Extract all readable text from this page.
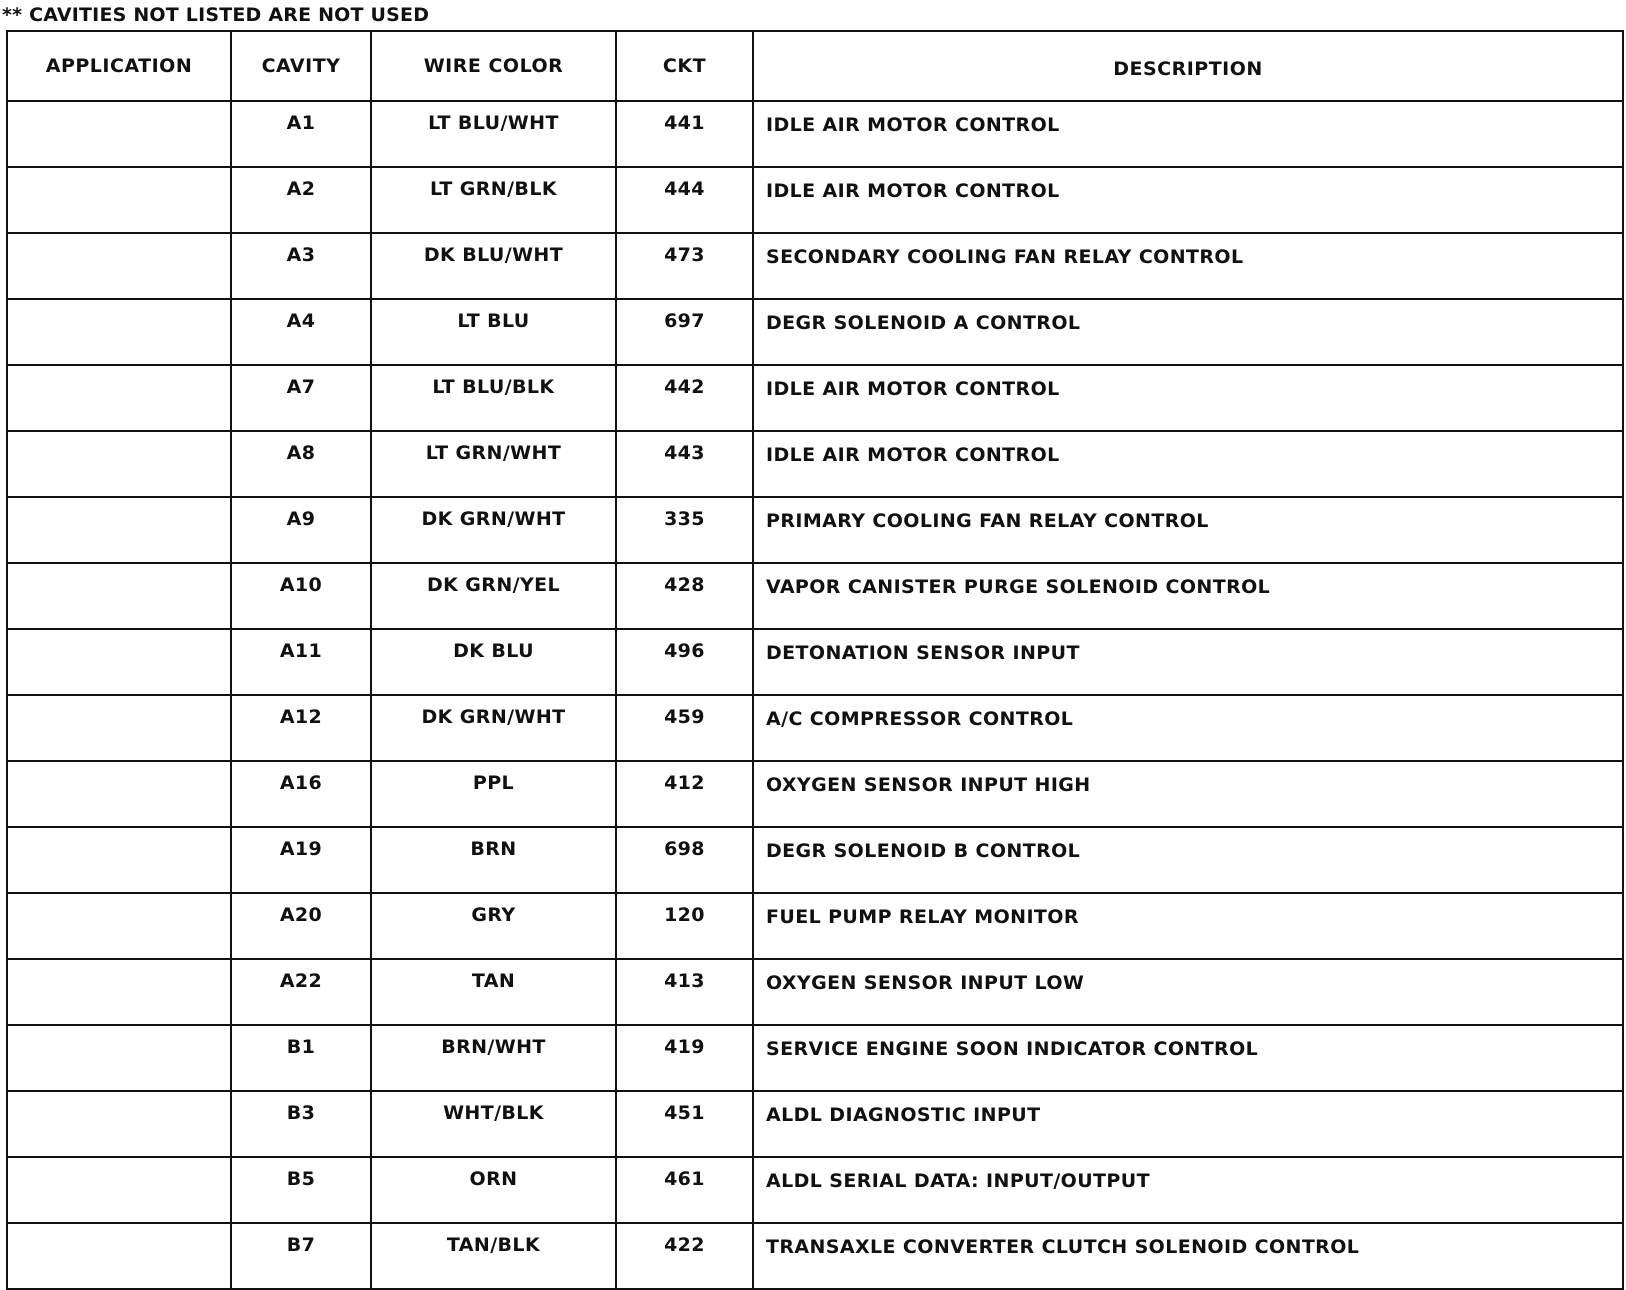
** CAVITIES NOT LISTED ARE NOT USED
APPLICATION	CAVITY	WIRE COLOR	CKT	DESCRIPTION
	A1	LT BLU/WHT	441	IDLE AIR MOTOR CONTROL
	A2	LT GRN/BLK	444	IDLE AIR MOTOR CONTROL
	A3	DK BLU/WHT	473	SECONDARY COOLING FAN RELAY CONTROL
	A4	LT BLU	697	DEGR SOLENOID A CONTROL
	A7	LT BLU/BLK	442	IDLE AIR MOTOR CONTROL
	A8	LT GRN/WHT	443	IDLE AIR MOTOR CONTROL
	A9	DK GRN/WHT	335	PRIMARY COOLING FAN RELAY CONTROL
	A10	DK GRN/YEL	428	VAPOR CANISTER PURGE SOLENOID CONTROL
	A11	DK BLU	496	DETONATION SENSOR INPUT
	A12	DK GRN/WHT	459	A/C COMPRESSOR CONTROL
	A16	PPL	412	OXYGEN SENSOR INPUT HIGH
	A19	BRN	698	DEGR SOLENOID B CONTROL
	A20	GRY	120	FUEL PUMP RELAY MONITOR
	A22	TAN	413	OXYGEN SENSOR INPUT LOW
	B1	BRN/WHT	419	SERVICE ENGINE SOON INDICATOR CONTROL
	B3	WHT/BLK	451	ALDL DIAGNOSTIC INPUT
	B5	ORN	461	ALDL SERIAL DATA: INPUT/OUTPUT
	B7	TAN/BLK	422	TRANSAXLE CONVERTER CLUTCH SOLENOID CONTROL
